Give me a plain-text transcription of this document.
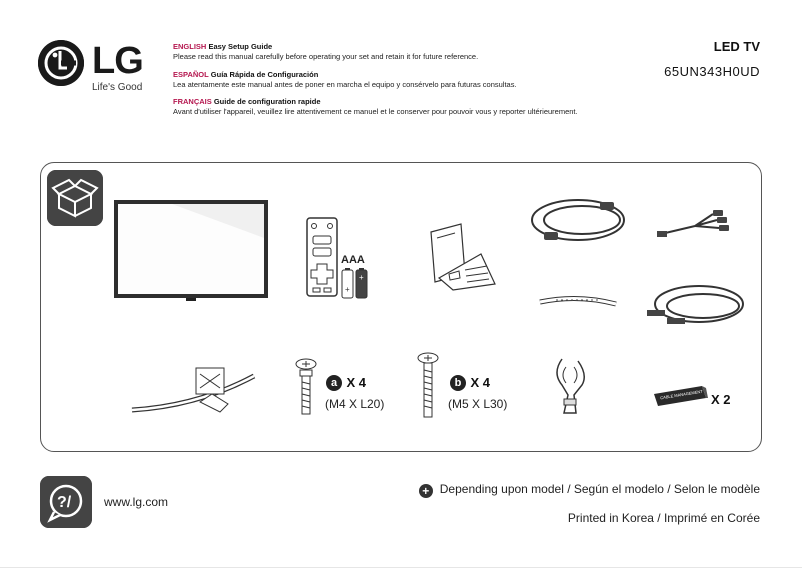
LG
Life's Good
ENGLISH Easy Setup Guide
Please read this manual carefully before operating your set and retain it for future reference.
ESPAÑOL Guía Rápida de Configuración
Lea atentamente este manual antes de poner en marcha el equipo y consérvelo para futuras consultas.
FRANÇAIS Guide de configuration rapide
Avant d'utiliser l'appareil, veuillez lire attentivement ce manuel et le conserver pour pouvoir vous y reporter ultérieurement.
LED TV
65UN343H0UD
AAA
+
+
a X 4
(M4 X L20)
b X 4
(M5 X L30)
CABLE MANAGEMENT X 2
?/	www.lg.com
+ Depending upon model / Según el modelo / Selon le modèle
Printed in Korea / Imprimé en Corée
